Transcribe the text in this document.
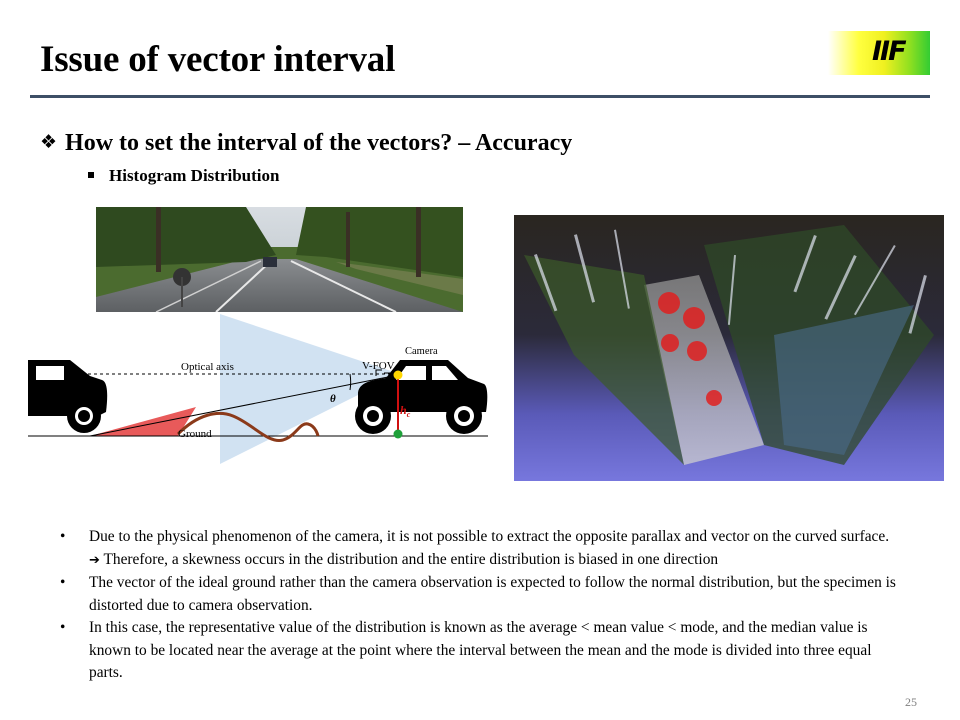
Issue of vector interval	IIF
❖ How to set the interval of the vectors? – Accuracy
Histogram Distribution
Camera
Optical axis	V-FOV
θ
$h_c$
Ground
• Due to the physical phenomenon of the camera, it is not possible to extract the opposite parallax and vector on the curved surface.
➔ Therefore, a skewness occurs in the distribution and the entire distribution is biased in one direction
• The vector of the ideal ground rather than the camera observation is expected to follow the normal distribution, but the specimen is distorted due to camera observation.
• In this case, the representative value of the distribution is known as the average < mean value < mode, and the median value is known to be located near the average at the point where the interval between the mean and the mode is divided into three equal parts.
25
